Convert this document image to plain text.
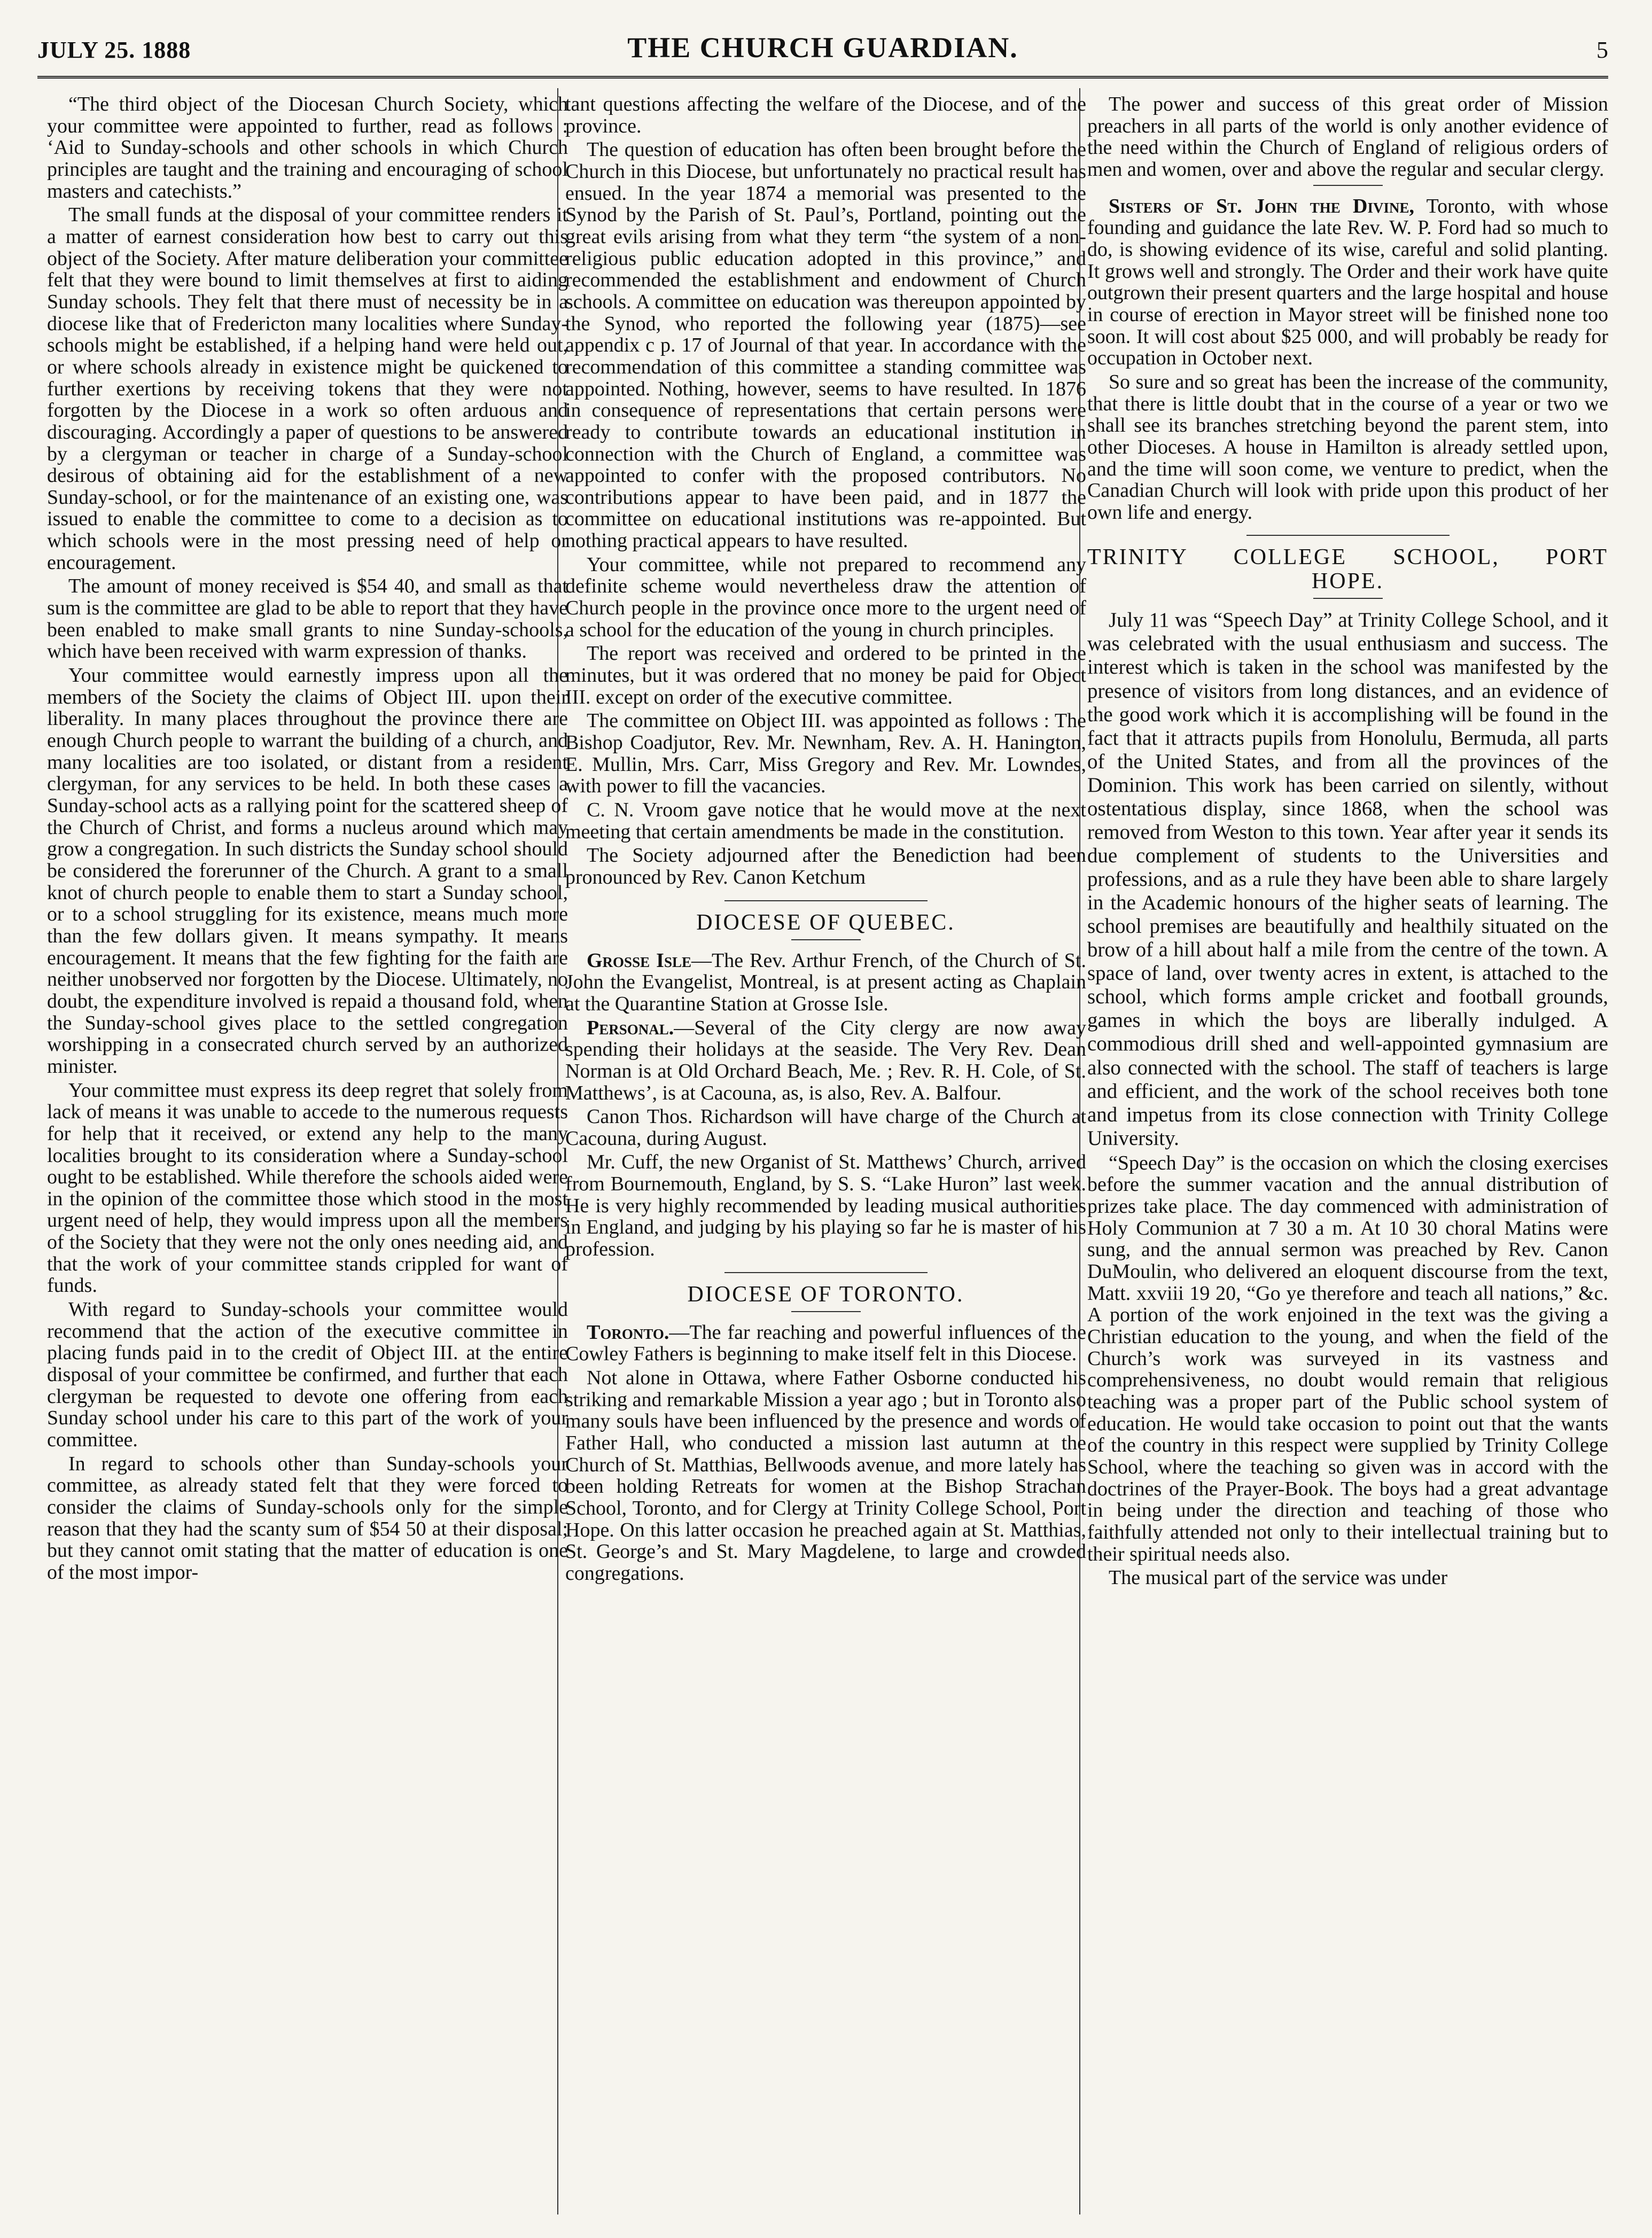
JULY 25. 1888	THE CHURCH GUARDIAN.	5

“The third object of the Diocesan Church Society, which your committee were appointed to further, read as follows : ‘Aid to Sunday-schools and other schools in which Church principles are taught and the training and encouraging of school masters and catechists.”

The small funds at the disposal of your committee renders it a matter of earnest consideration how best to carry out this object of the Society. After mature deliberation your committee felt that they were bound to limit themselves at first to aiding Sunday schools. They felt that there must of necessity be in a diocese like that of Fredericton many localities where Sunday-schools might be established, if a helping hand were held out, or where schools already in existence might be quickened to further exertions by receiving tokens that they were not forgotten by the Diocese in a work so often arduous and discouraging. Accordingly a paper of questions to be answered by a clergyman or teacher in charge of a Sunday-school desirous of obtaining aid for the establishment of a new Sunday-school, or for the maintenance of an existing one, was issued to enable the committee to come to a decision as to which schools were in the most pressing need of help or encouragement.

The amount of money received is $54 40, and small as that sum is the committee are glad to be able to report that they have been enabled to make small grants to nine Sunday-schools, which have been received with warm expression of thanks.

Your committee would earnestly impress upon all the members of the Society the claims of Object III. upon their liberality. In many places throughout the province there are enough Church people to warrant the building of a church, and many localities are too isolated, or distant from a resident clergyman, for any services to be held. In both these cases a Sunday-school acts as a rallying point for the scattered sheep of the Church of Christ, and forms a nucleus around which may grow a congregation. In such districts the Sunday school should be considered the forerunner of the Church. A grant to a small knot of church people to enable them to start a Sunday school, or to a school struggling for its existence, means much more than the few dollars given. It means sympathy. It means encouragement. It means that the few fighting for the faith are neither unobserved nor forgotten by the Diocese. Ultimately, no doubt, the expenditure involved is repaid a thousand fold, when the Sunday-school gives place to the settled congregation worshipping in a consecrated church served by an authorized minister.

Your committee must express its deep regret that solely from lack of means it was unable to accede to the numerous requests for help that it received, or extend any help to the many localities brought to its consideration where a Sunday-school ought to be established. While therefore the schools aided were in the opinion of the committee those which stood in the most urgent need of help, they would impress upon all the members of the Society that they were not the only ones needing aid, and that the work of your committee stands crippled for want of funds.

With regard to Sunday-schools your committee would recommend that the action of the executive committee in placing funds paid in to the credit of Object III. at the entire disposal of your committee be confirmed, and further that each clergyman be requested to devote one offering from each Sunday school under his care to this part of the work of your committee.

In regard to schools other than Sunday-schools your committee, as already stated felt that they were forced to consider the claims of Sunday-schools only for the simple reason that they had the scanty sum of $54 50 at their disposal; but they cannot omit stating that the matter of education is one of the most impor-

tant questions affecting the welfare of the Diocese, and of the province.

The question of education has often been brought before the Church in this Diocese, but unfortunately no practical result has ensued. In the year 1874 a memorial was presented to the Synod by the Parish of St. Paul’s, Portland, pointing out the great evils arising from what they term “the system of a non-religious public education adopted in this province,” and recommended the establishment and endowment of Church schools. A committee on education was thereupon appointed by the Synod, who reported the following year (1875)—see appendix c p. 17 of Journal of that year. In accordance with the recommendation of this committee a standing committee was appointed. Nothing, however, seems to have resulted. In 1876 in consequence of representations that certain persons were ready to contribute towards an educational institution in connection with the Church of England, a committee was appointed to confer with the proposed contributors. No contributions appear to have been paid, and in 1877 the committee on educational institutions was re-appointed. But nothing practical appears to have resulted.

Your committee, while not prepared to recommend any definite scheme would nevertheless draw the attention of Church people in the province once more to the urgent need of a school for the education of the young in church principles.

The report was received and ordered to be printed in the minutes, but it was ordered that no money be paid for Object III. except on order of the executive committee.

The committee on Object III. was appointed as follows : The Bishop Coadjutor, Rev. Mr. Newnham, Rev. A. H. Hanington, E. Mullin, Mrs. Carr, Miss Gregory and Rev. Mr. Lowndes, with power to fill the vacancies.

C. N. Vroom gave notice that he would move at the next meeting that certain amendments be made in the constitution.

The Society adjourned after the Benediction had been pronounced by Rev. Canon Ketchum

DIOCESE OF QUEBEC.

Grosse Isle—The Rev. Arthur French, of the Church of St. John the Evangelist, Montreal, is at present acting as Chaplain at the Quarantine Station at Grosse Isle.

Personal.—Several of the City clergy are now away spending their holidays at the seaside. The Very Rev. Dean Norman is at Old Orchard Beach, Me. ; Rev. R. H. Cole, of St. Matthews’, is at Cacouna, as, is also, Rev. A. Balfour.

Canon Thos. Richardson will have charge of the Church at Cacouna, during August.

Mr. Cuff, the new Organist of St. Matthews’ Church, arrived from Bournemouth, England, by S. S. “Lake Huron” last week. He is very highly recommended by leading musical authorities in England, and judging by his playing so far he is master of his profession.

DIOCESE OF TORONTO.

Toronto.—The far reaching and powerful influences of the Cowley Fathers is beginning to make itself felt in this Diocese.

Not alone in Ottawa, where Father Osborne conducted his striking and remarkable Mission a year ago ; but in Toronto also many souls have been influenced by the presence and words of Father Hall, who conducted a mission last autumn at the Church of St. Matthias, Bellwoods avenue, and more lately has been holding Retreats for women at the Bishop Strachan School, Toronto, and for Clergy at Trinity College School, Port Hope. On this latter occasion he preached again at St. Matthias, St. George’s and St. Mary Magdelene, to large and crowded congregations.

The power and success of this great order of Mission preachers in all parts of the world is only another evidence of the need within the Church of England of religious orders of men and women, over and above the regular and secular clergy.

Sisters of St. John the Divine, Toronto, with whose founding and guidance the late Rev. W. P. Ford had so much to do, is showing evidence of its wise, careful and solid planting. It grows well and strongly. The Order and their work have quite outgrown their present quarters and the large hospital and house in course of erection in Mayor street will be finished none too soon. It will cost about $25 000, and will probably be ready for occupation in October next.

So sure and so great has been the increase of the community, that there is little doubt that in the course of a year or two we shall see its branches stretching beyond the parent stem, into other Dioceses. A house in Hamilton is already settled upon, and the time will soon come, we venture to predict, when the Canadian Church will look with pride upon this product of her own life and energy.

TRINITY COLLEGE SCHOOL, PORT
HOPE.

July 11 was “Speech Day” at Trinity College School, and it was celebrated with the usual enthusiasm and success. The interest which is taken in the school was manifested by the presence of visitors from long distances, and an evidence of the good work which it is accomplishing will be found in the fact that it attracts pupils from Honolulu, Bermuda, all parts of the United States, and from all the provinces of the Dominion. This work has been carried on silently, without ostentatious display, since 1868, when the school was removed from Weston to this town. Year after year it sends its due complement of students to the Universities and professions, and as a rule they have been able to share largely in the Academic honours of the higher seats of learning. The school premises are beautifully and healthily situated on the brow of a hill about half a mile from the centre of the town. A space of land, over twenty acres in extent, is attached to the school, which forms ample cricket and football grounds, games in which the boys are liberally indulged. A commodious drill shed and well-appointed gymnasium are also connected with the school. The staff of teachers is large and efficient, and the work of the school receives both tone and impetus from its close connection with Trinity College University.

“Speech Day” is the occasion on which the closing exercises before the summer vacation and the annual distribution of prizes take place. The day commenced with administration of Holy Communion at 7 30 a m. At 10 30 choral Matins were sung, and the annual sermon was preached by Rev. Canon DuMoulin, who delivered an eloquent discourse from the text, Matt. xxviii 19 20, “Go ye therefore and teach all nations,” &c. A portion of the work enjoined in the text was the giving a Christian education to the young, and when the field of the Church’s work was surveyed in its vastness and comprehensiveness, no doubt would remain that religious teaching was a proper part of the Public school system of education. He would take occasion to point out that the wants of the country in this respect were supplied by Trinity College School, where the teaching so given was in accord with the doctrines of the Prayer-Book. The boys had a great advantage in being under the direction and teaching of those who faithfully attended not only to their intellectual training but to their spiritual needs also.

The musical part of the service was under
